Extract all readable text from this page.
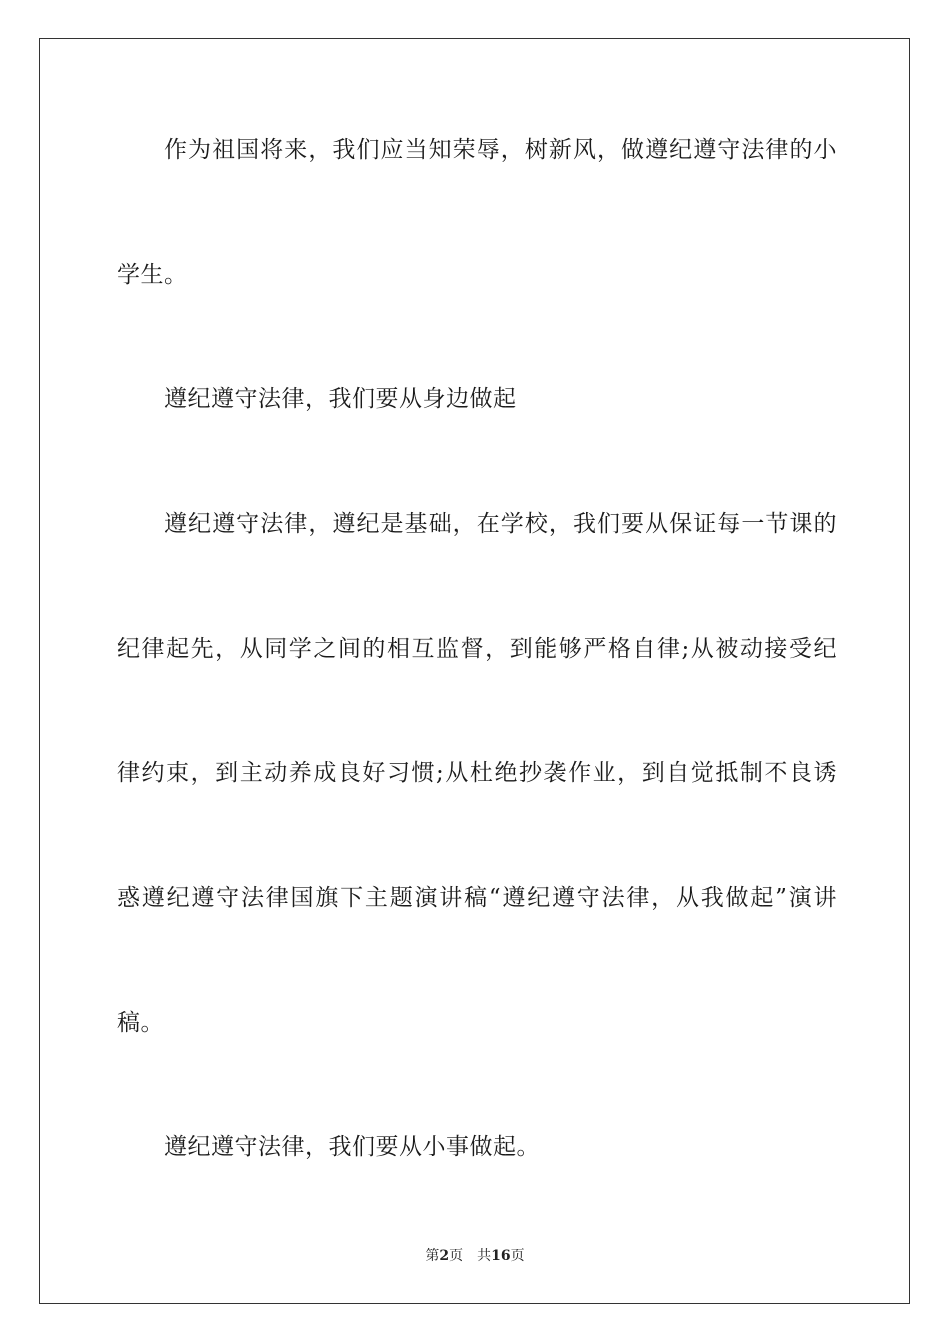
作为祖国将来，我们应当知荣辱，树新风，做遵纪遵守法律的小
学生。
遵纪遵守法律，我们要从身边做起
遵纪遵守法律，遵纪是基础，在学校，我们要从保证每一节课的
纪律起先，从同学之间的相互监督，到能够严格自律;从被动接受纪
律约束，到主动养成良好习惯;从杜绝抄袭作业，到自觉抵制不良诱
惑遵纪遵守法律国旗下主题演讲稿“遵纪遵守法律，从我做起”演讲
稿。
遵纪遵守法律，我们要从小事做起。
第2页 共16页
